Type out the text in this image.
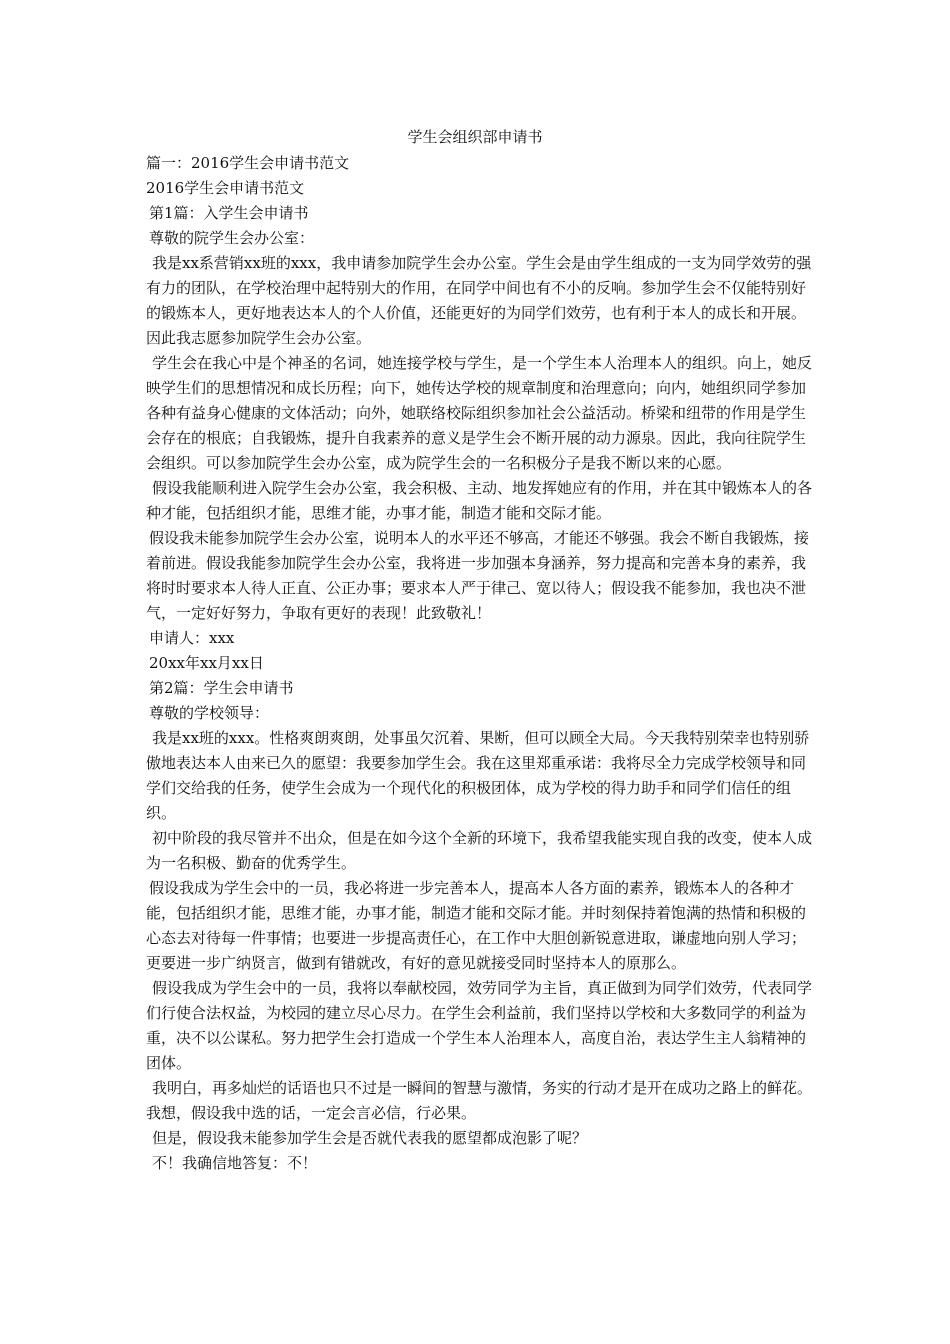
学生会组织部申请书

篇一：2016学生会申请书范文

2016学生会申请书范文

第1篇：入学生会申请书

尊敬的院学生会办公室：

我是xx系营销xx班的xxx，我申请参加院学生会办公室。学生会是由学生组成的一支为同学效劳的强有力的团队，在学校治理中起特别大的作用，在同学中间也有不小的反响。参加学生会不仅能特别好的锻炼本人，更好地表达本人的个人价值，还能更好的为同学们效劳，也有利于本人的成长和开展。因此我志愿参加院学生会办公室。

学生会在我心中是个神圣的名词，她连接学校与学生，是一个学生本人治理本人的组织。向上，她反映学生们的思想情况和成长历程；向下，她传达学校的规章制度和治理意向；向内，她组织同学参加各种有益身心健康的文体活动；向外，她联络校际组织参加社会公益活动。桥梁和纽带的作用是学生会存在的根底；自我锻炼，提升自我素养的意义是学生会不断开展的动力源泉。因此，我向往院学生会组织。可以参加院学生会办公室，成为院学生会的一名积极分子是我不断以来的心愿。

假设我能顺利进入院学生会办公室，我会积极、主动、地发挥她应有的作用，并在其中锻炼本人的各种才能，包括组织才能，思维才能，办事才能，制造才能和交际才能。

假设我未能参加院学生会办公室，说明本人的水平还不够高，才能还不够强。我会不断自我锻炼，接着前进。假设我能参加院学生会办公室，我将进一步加强本身涵养，努力提高和完善本身的素养，我将时时要求本人待人正直、公正办事；要求本人严于律己、宽以待人；假设我不能参加，我也决不泄气，一定好好努力，争取有更好的表现！此致敬礼！

申请人：xxx

20xx年xx月xx日

第2篇：学生会申请书

尊敬的学校领导：

我是xx班的xxx。性格爽朗爽朗，处事虽欠沉着、果断，但可以顾全大局。今天我特别荣幸也特别骄傲地表达本人由来已久的愿望：我要参加学生会。我在这里郑重承诺：我将尽全力完成学校领导和同学们交给我的任务，使学生会成为一个现代化的积极团体，成为学校的得力助手和同学们信任的组织。

初中阶段的我尽管并不出众，但是在如今这个全新的环境下，我希望我能实现自我的改变，使本人成为一名积极、勤奋的优秀学生。

假设我成为学生会中的一员，我必将进一步完善本人，提高本人各方面的素养，锻炼本人的各种才能，包括组织才能，思维才能，办事才能，制造才能和交际才能。并时刻保持着饱满的热情和积极的心态去对待每一件事情；也要进一步提高责任心，在工作中大胆创新锐意进取，谦虚地向别人学习；更要进一步广纳贤言，做到有错就改，有好的意见就接受同时坚持本人的原那么。

假设我成为学生会中的一员，我将以奉献校园，效劳同学为主旨，真正做到为同学们效劳，代表同学们行使合法权益，为校园的建立尽心尽力。在学生会利益前，我们坚持以学校和大多数同学的利益为重，决不以公谋私。努力把学生会打造成一个学生本人治理本人，高度自治，表达学生主人翁精神的团体。

我明白，再多灿烂的话语也只不过是一瞬间的智慧与激情，务实的行动才是开在成功之路上的鲜花。我想，假设我中选的话，一定会言必信，行必果。

但是，假设我未能参加学生会是否就代表我的愿望都成泡影了呢？

不！我确信地答复：不！
